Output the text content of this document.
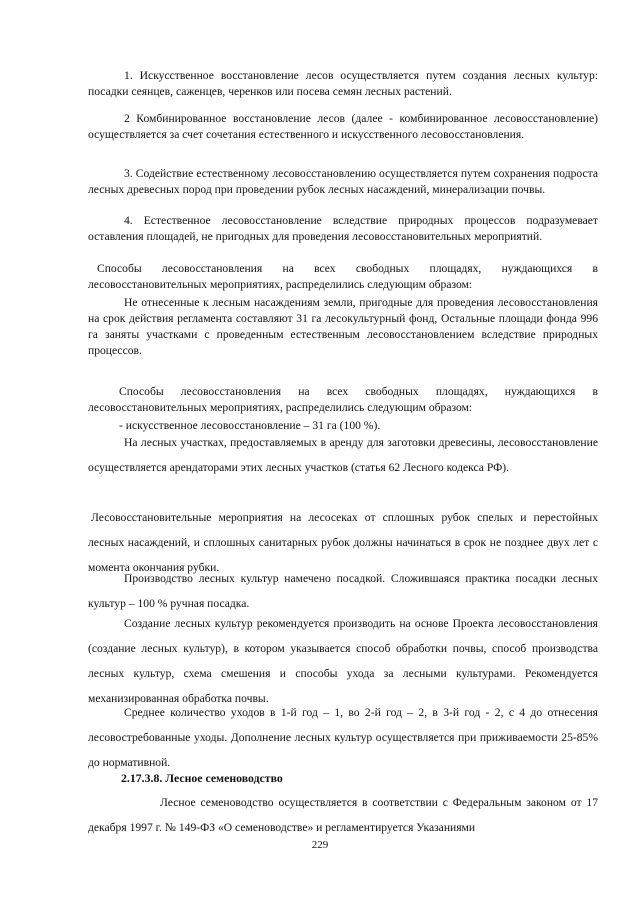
1. Искусственное восстановление лесов осуществляется путем создания лесных культур: посадки сеянцев, саженцев, черенков или посева семян лесных растений.

2 Комбинированное восстановление лесов (далее - комбинированное лесовосстановление) осуществляется за счет сочетания естественного и искусственного лесовосстановления.

3. Содействие естественному лесовосстановлению осуществляется путем сохранения подроста лесных древесных пород при проведении рубок лесных насаждений, минерализации почвы.

4. Естественное лесовосстановление вследствие природных процессов подразумевает оставления площадей, не пригодных для проведения лесовосстановительных мероприятий.

Способы лесовосстановления на всех свободных площадях, нуждающихся в лесовосстановительных мероприятиях, распределились следующим образом:

Не отнесенные к лесным насаждениям земли, пригодные для проведения лесовосстановления на срок действия регламента составляют 31 га лесокультурный фонд, Остальные площади фонда 996 га заняты участками с проведенным естественным лесовосстановлением вследствие природных процессов.

Способы лесовосстановления на всех свободных площадях, нуждающихся в лесовосстановительных мероприятиях, распределились следующим образом:

- искусственное лесовосстановление – 31 га (100 %).

На лесных участках, предоставляемых в аренду для заготовки древесины, лесовосстановление осуществляется арендаторами этих лесных участков (статья 62 Лесного кодекса РФ).

Лесовосстановительные мероприятия на лесосеках от сплошных рубок спелых и перестойных лесных насаждений, и сплошных санитарных рубок должны начинаться в срок не позднее двух лет с момента окончания рубки.

Производство лесных культур намечено посадкой. Сложившаяся практика посадки лесных культур – 100 % ручная посадка.

Создание лесных культур рекомендуется производить на основе Проекта лесовосстановления (создание лесных культур), в котором указывается способ обработки почвы, способ производства лесных культур, схема смешения и способы ухода за лесными культурами. Рекомендуется механизированная обработка почвы.

Среднее количество уходов в 1-й год – 1, во 2-й год – 2, в 3-й год - 2, с 4 до отнесения лесовостребованные уходы. Дополнение лесных культур осуществляется при приживаемости 25-85% до нормативной.

2.17.3.8. Лесное семеноводство

Лесное семеноводство осуществляется в соответствии с Федеральным законом от 17 декабря 1997 г. № 149-ФЗ «О семеноводстве» и регламентируется Указаниями

229
